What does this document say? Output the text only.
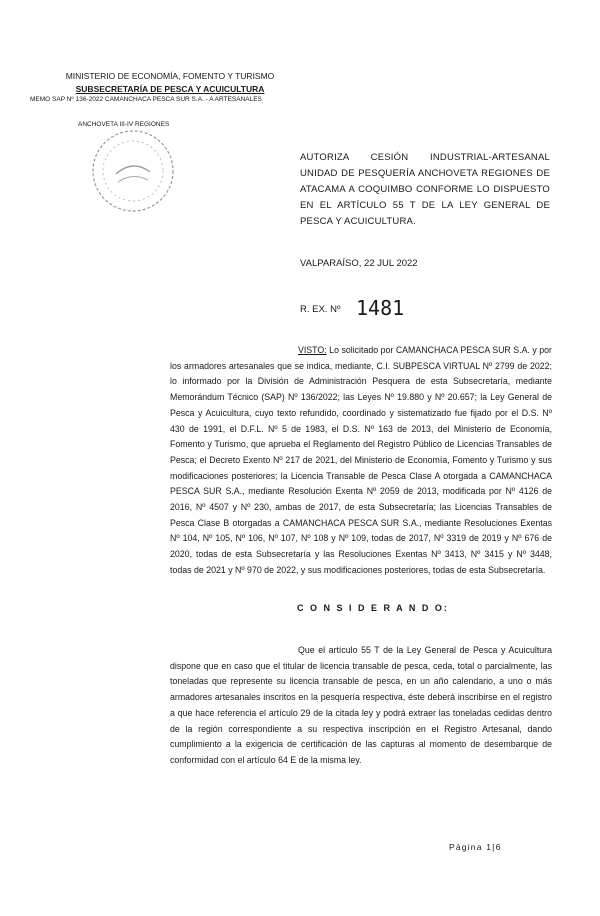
MINISTERIO DE ECONOMÍA, FOMENTO Y TURISMO
SUBSECRETARÍA DE PESCA Y ACUICULTURA
MEMO SAP Nº 136-2022 CAMANCHACA PESCA SUR S.A. - A ARTESANALES
ANCHOVETA III-IV REGIONES
AUTORIZA CESIÓN INDUSTRIAL-ARTESANAL UNIDAD DE PESQUERÍA ANCHOVETA REGIONES DE ATACAMA A COQUIMBO CONFORME LO DISPUESTO EN EL ARTÍCULO 55 T DE LA LEY GENERAL DE PESCA Y ACUICULTURA.
VALPARAÍSO, 22 JUL 2022
R. EX. Nº 1481
VISTO: Lo solicitado por CAMANCHACA PESCA SUR S.A. y por los armadores artesanales que se indica, mediante, C.I. SUBPESCA VIRTUAL Nº 2799 de 2022; lo informado por la División de Administración Pesquera de esta Subsecretaría, mediante Memorándum Técnico (SAP) Nº 136/2022; las Leyes Nº 19.880 y Nº 20.657; la Ley General de Pesca y Acuicultura, cuyo texto refundido, coordinado y sistematizado fue fijado por el D.S. Nº 430 de 1991, el D.F.L. Nº 5 de 1983, el D.S. Nº 163 de 2013, del Ministerio de Economía, Fomento y Turismo, que aprueba el Reglamento del Registro Público de Licencias Transables de Pesca; el Decreto Exento Nº 217 de 2021, del Ministerio de Economía, Fomento y Turismo y sus modificaciones posteriores; la Licencia Transable de Pesca Clase A otorgada a CAMANCHACA PESCA SUR S.A., mediante Resolución Exenta Nº 2059 de 2013, modificada por Nº 4126 de 2016, Nº 4507 y Nº 230, ambas de 2017, de esta Subsecretaría; las Licencias Transables de Pesca Clase B otorgadas a CAMANCHACA PESCA SUR S.A., mediante Resoluciones Exentas Nº 104, Nº 105, Nº 106, Nº 107, Nº 108 y Nº 109, todas de 2017, Nº 3319 de 2019 y Nº 676 de 2020, todas de esta Subsecretaría y las Resoluciones Exentas Nº 3413, Nº 3415 y Nº 3448, todas de 2021 y Nº 970 de 2022, y sus modificaciones posteriores, todas de esta Subsecretaría.
C O N S I D E R A N D O:
Que el artículo 55 T de la Ley General de Pesca y Acuicultura dispone que en caso que el titular de licencia transable de pesca, ceda, total o parcialmente, las toneladas que represente su licencia transable de pesca, en un año calendario, a uno o más armadores artesanales inscritos en la pesquería respectiva, éste deberá inscribirse en el registro a que hace referencia el artículo 29 de la citada ley y podrá extraer las toneladas cedidas dentro de la región correspondiente a su respectiva inscripción en el Registro Artesanal, dando cumplimiento a la exigencia de certificación de las capturas al momento de desembarque de conformidad con el artículo 64 E de la misma ley.
Página 1|6
